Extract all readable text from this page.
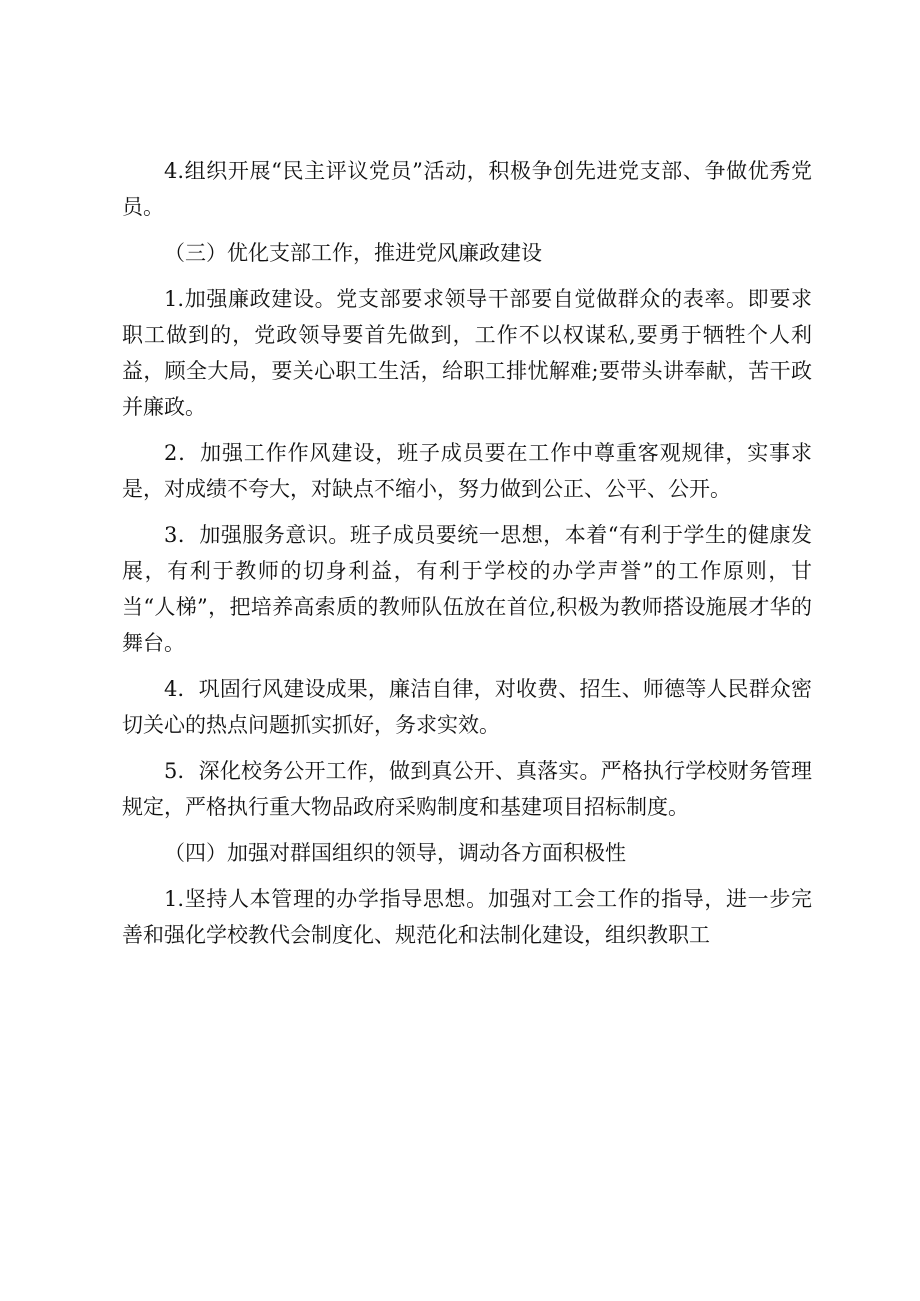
4.组织开展“民主评议党员”活动，积极争创先进党支部、争做优秀党员。

（三）优化支部工作，推进党风廉政建设

1.加强廉政建设。党支部要求领导干部要自觉做群众的表率。即要求职工做到的，党政领导要首先做到，工作不以权谋私,要勇于牺牲个人利益，顾全大局，要关心职工生活，给职工排忧解难;要带头讲奉献，苦干政并廉政。

2．加强工作作风建设，班子成员要在工作中尊重客观规律，实事求是，对成绩不夸大，对缺点不缩小，努力做到公正、公平、公开。

3．加强服务意识。班子成员要统一思想，本着“有利于学生的健康发展，有利于教师的切身利益，有利于学校的办学声誉”的工作原则，甘当“人梯”，把培养高索质的教师队伍放在首位,积极为教师搭设施展才华的舞台。

4．巩固行风建设成果，廉洁自律，对收费、招生、师德等人民群众密切关心的热点问题抓实抓好，务求实效。

5．深化校务公开工作，做到真公开、真落实。严格执行学校财务管理规定，严格执行重大物品政府采购制度和基建项目招标制度。

（四）加强对群国组织的领导，调动各方面积极性

1.坚持人本管理的办学指导思想。加强对工会工作的指导，进一步完善和强化学校教代会制度化、规范化和法制化建设，组织教职工
